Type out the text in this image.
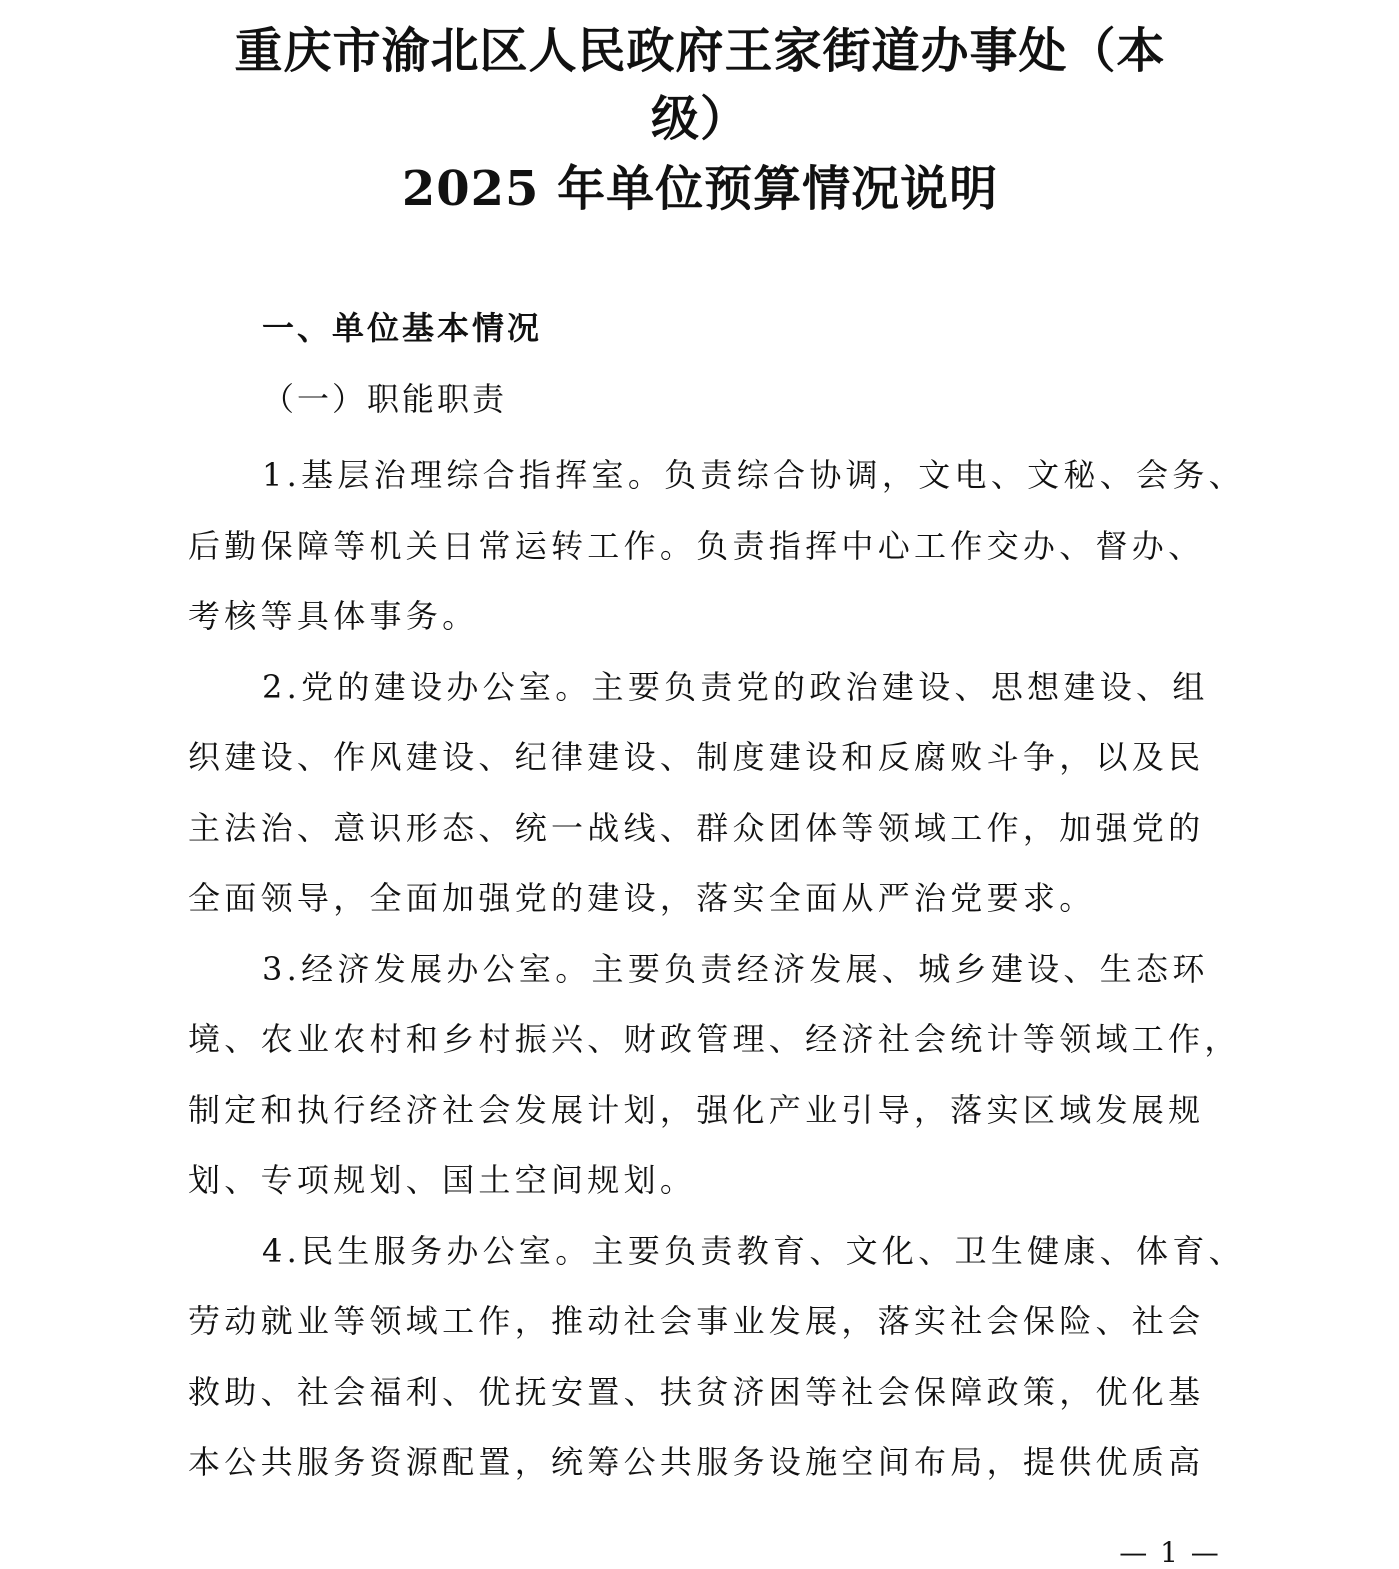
重庆市渝北区人民政府王家街道办事处（本
级）
2025 年单位预算情况说明
一、单位基本情况
（一）职能职责

1.基层治理综合指挥室。负责综合协调，文电、文秘、会务、
后勤保障等机关日常运转工作。负责指挥中心工作交办、督办、
考核等具体事务。

2.党的建设办公室。主要负责党的政治建设、思想建设、组
织建设、作风建设、纪律建设、制度建设和反腐败斗争，以及民
主法治、意识形态、统一战线、群众团体等领域工作，加强党的
全面领导，全面加强党的建设，落实全面从严治党要求。

3.经济发展办公室。主要负责经济发展、城乡建设、生态环
境、农业农村和乡村振兴、财政管理、经济社会统计等领域工作，
制定和执行经济社会发展计划，强化产业引导，落实区域发展规
划、专项规划、国土空间规划。

4.民生服务办公室。主要负责教育、文化、卫生健康、体育、
劳动就业等领域工作，推动社会事业发展，落实社会保险、社会
救助、社会福利、优抚安置、扶贫济困等社会保障政策，优化基
本公共服务资源配置，统筹公共服务设施空间布局，提供优质高

— 1 —
